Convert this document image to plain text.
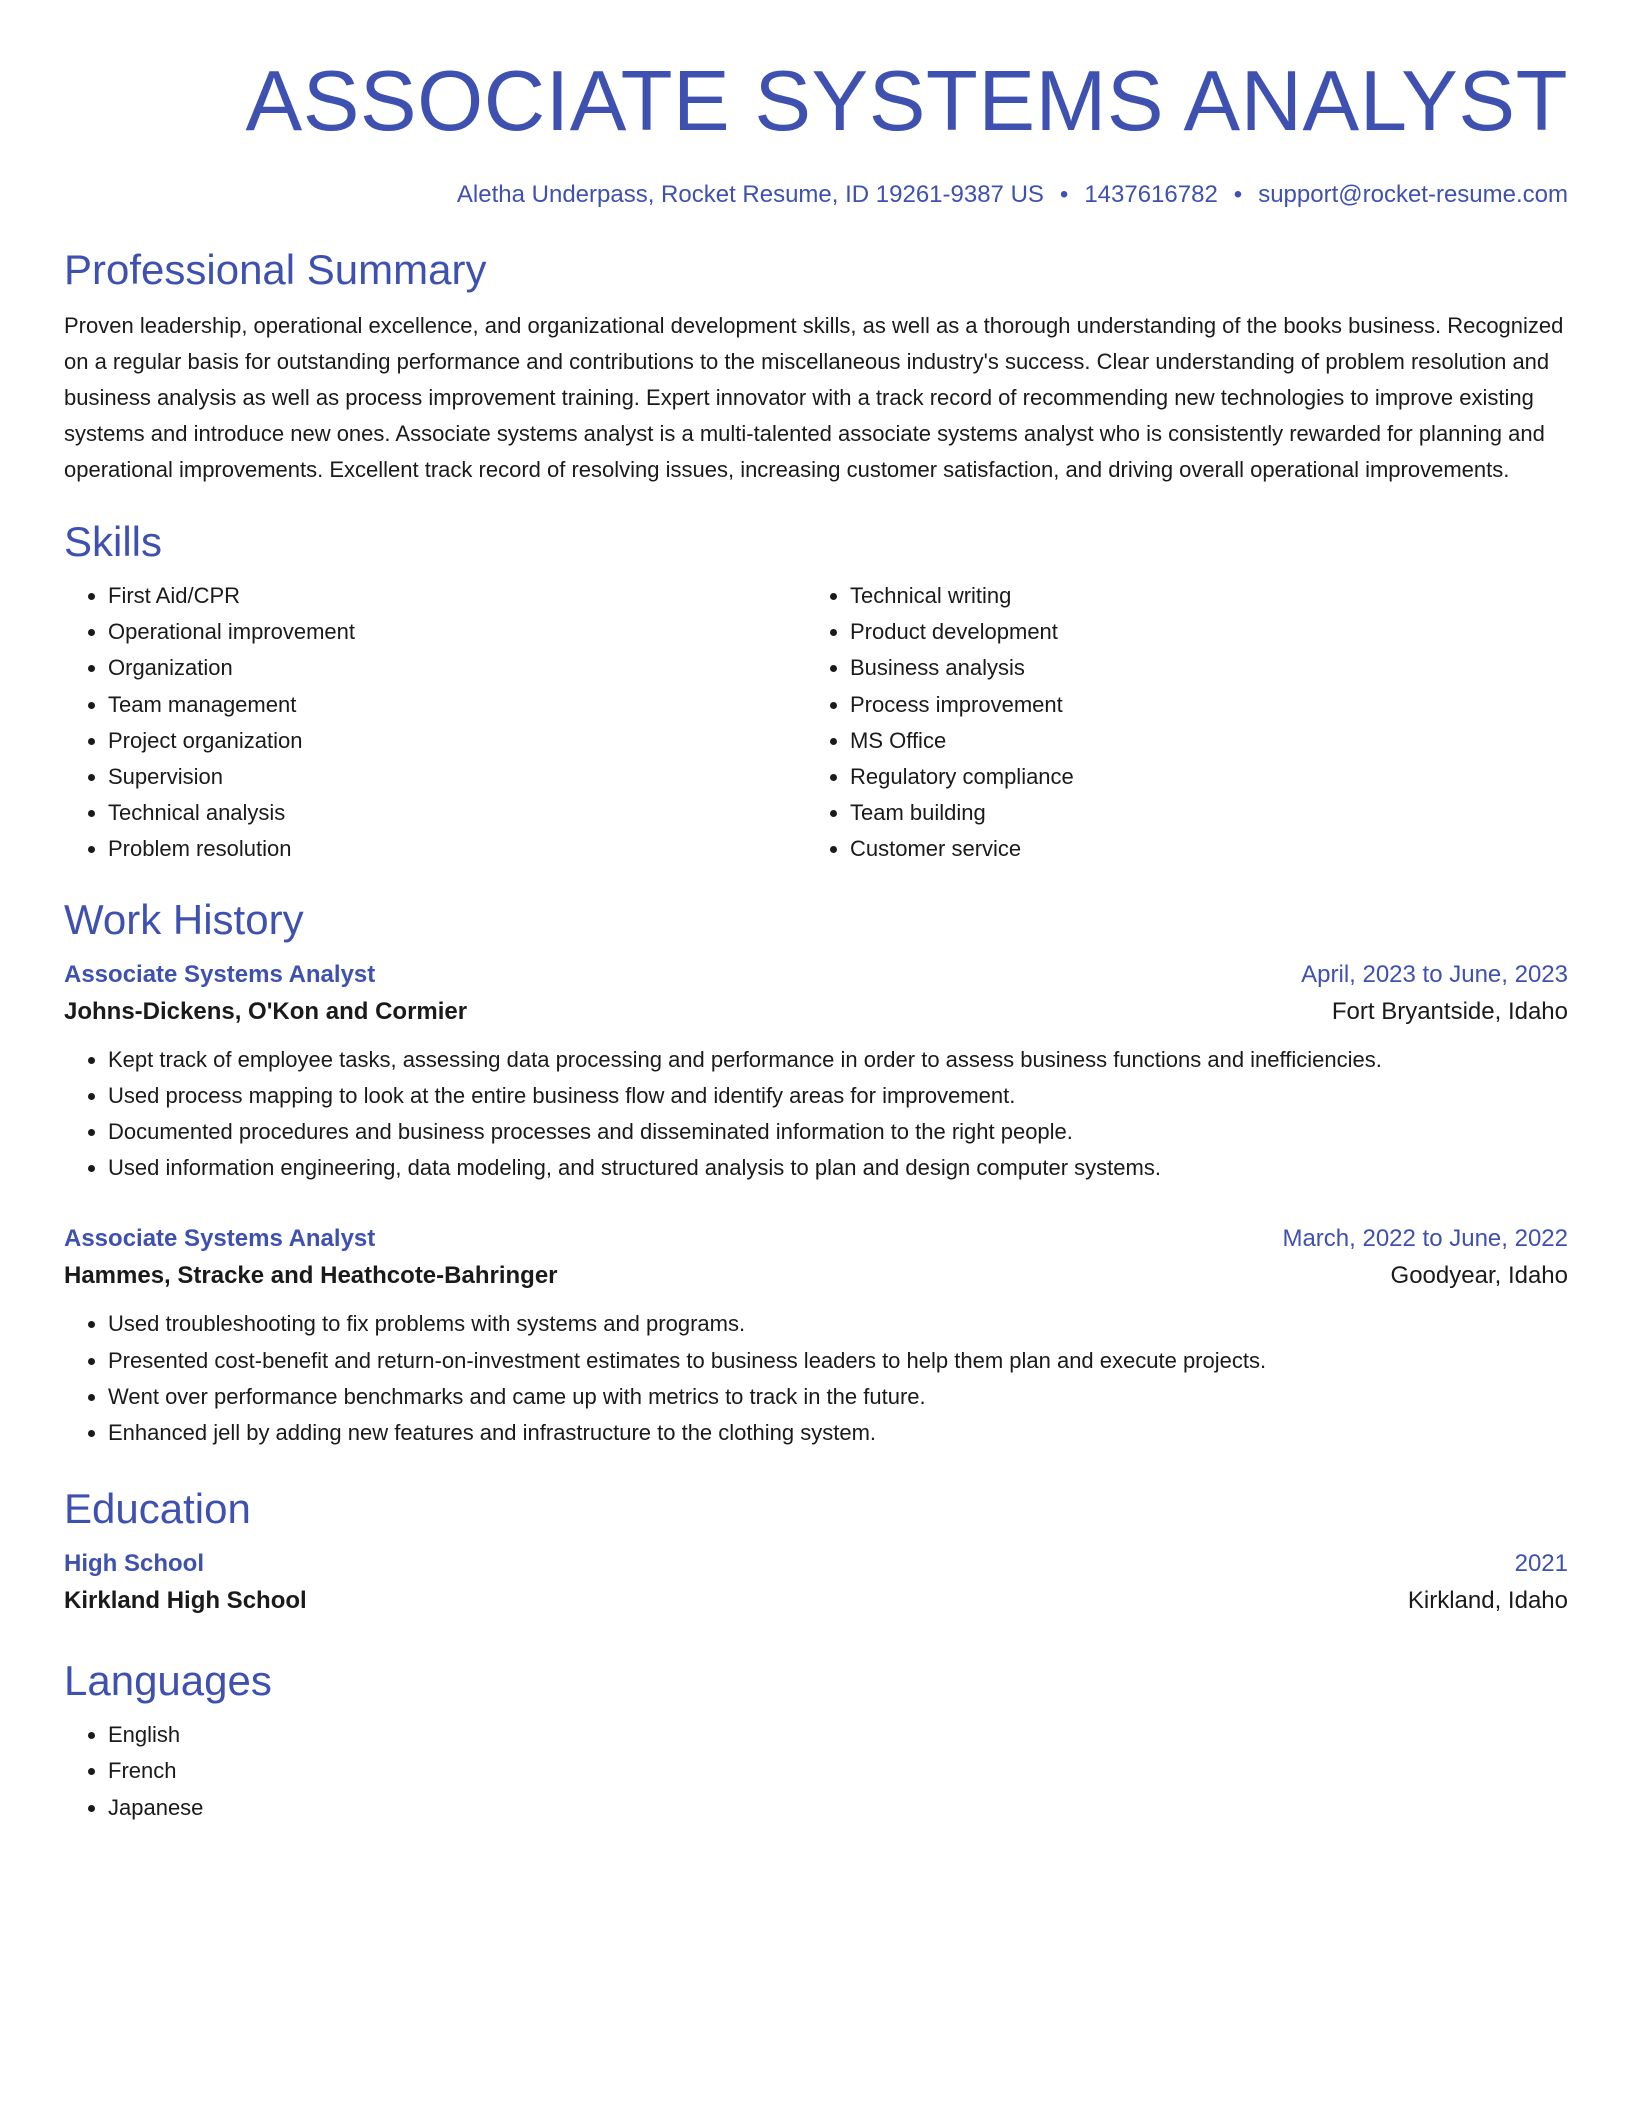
ASSOCIATE SYSTEMS ANALYST
Aletha Underpass, Rocket Resume, ID 19261-9387 US • 1437616782 • support@rocket-resume.com
Professional Summary
Proven leadership, operational excellence, and organizational development skills, as well as a thorough understanding of the books business. Recognized on a regular basis for outstanding performance and contributions to the miscellaneous industry's success. Clear understanding of problem resolution and business analysis as well as process improvement training. Expert innovator with a track record of recommending new technologies to improve existing systems and introduce new ones. Associate systems analyst is a multi-talented associate systems analyst who is consistently rewarded for planning and operational improvements. Excellent track record of resolving issues, increasing customer satisfaction, and driving overall operational improvements.
Skills
• First Aid/CPR
• Operational improvement
• Organization
• Team management
• Project organization
• Supervision
• Technical analysis
• Problem resolution
• Technical writing
• Product development
• Business analysis
• Process improvement
• MS Office
• Regulatory compliance
• Team building
• Customer service
Work History
Associate Systems Analyst	April, 2023 to June, 2023
Johns-Dickens, O'Kon and Cormier	Fort Bryantside, Idaho
• Kept track of employee tasks, assessing data processing and performance in order to assess business functions and inefficiencies.
• Used process mapping to look at the entire business flow and identify areas for improvement.
• Documented procedures and business processes and disseminated information to the right people.
• Used information engineering, data modeling, and structured analysis to plan and design computer systems.
Associate Systems Analyst	March, 2022 to June, 2022
Hammes, Stracke and Heathcote-Bahringer	Goodyear, Idaho
• Used troubleshooting to fix problems with systems and programs.
• Presented cost-benefit and return-on-investment estimates to business leaders to help them plan and execute projects.
• Went over performance benchmarks and came up with metrics to track in the future.
• Enhanced jell by adding new features and infrastructure to the clothing system.
Education
High School	2021
Kirkland High School	Kirkland, Idaho
Languages
• English
• French
• Japanese
